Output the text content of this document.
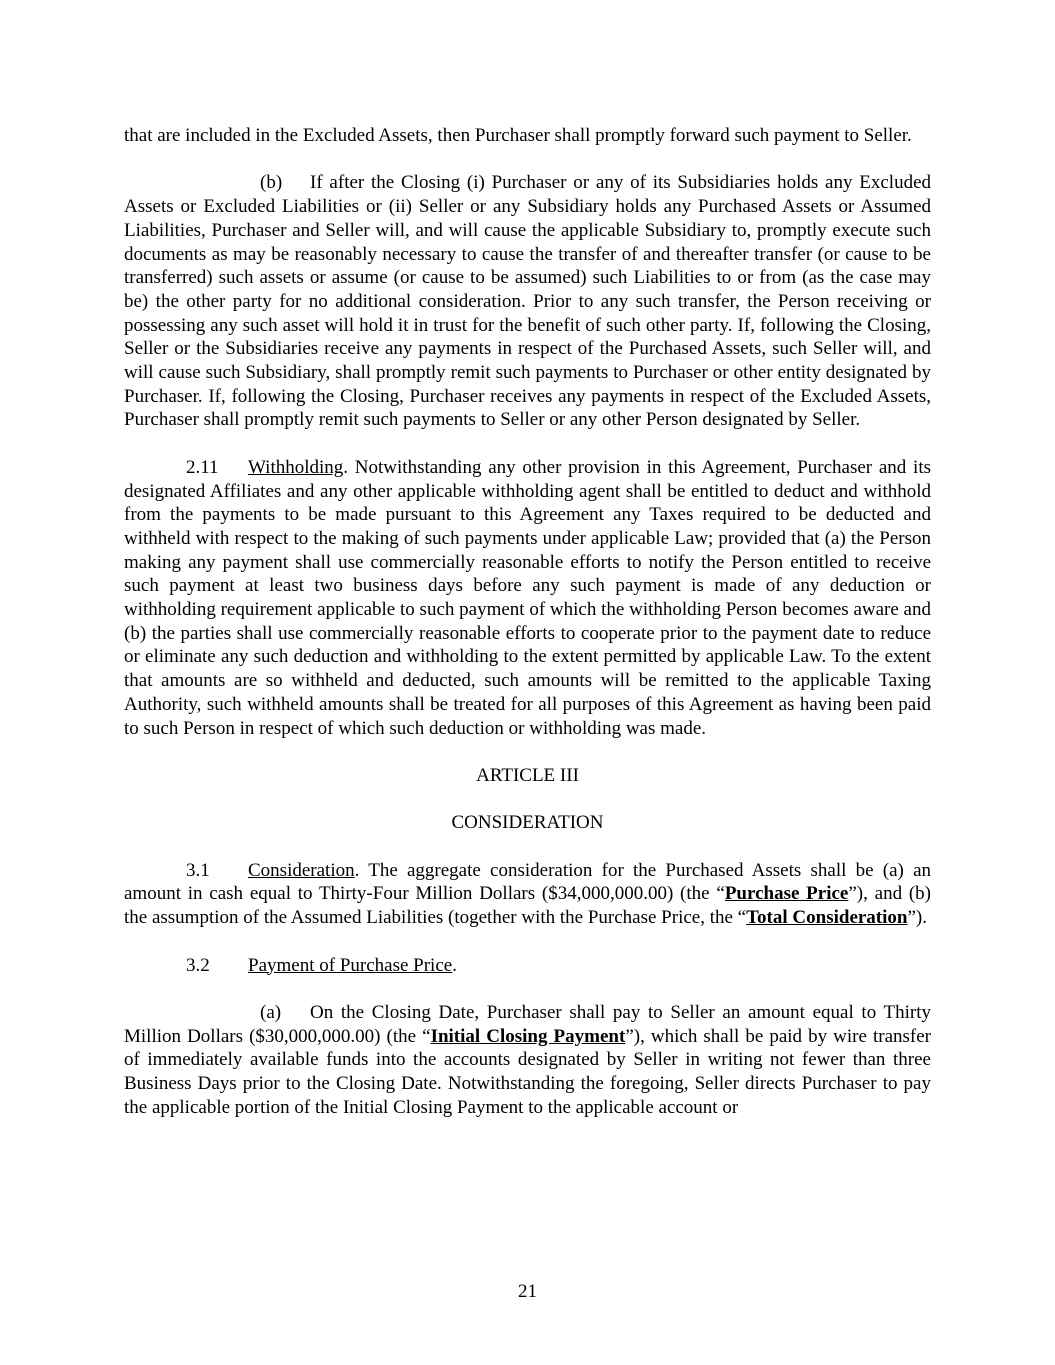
that are included in the Excluded Assets, then Purchaser shall promptly forward such payment to Seller.

(b) If after the Closing (i) Purchaser or any of its Subsidiaries holds any Excluded Assets or Excluded Liabilities or (ii) Seller or any Subsidiary holds any Purchased Assets or Assumed Liabilities, Purchaser and Seller will, and will cause the applicable Subsidiary to, promptly execute such documents as may be reasonably necessary to cause the transfer of and thereafter transfer (or cause to be transferred) such assets or assume (or cause to be assumed) such Liabilities to or from (as the case may be) the other party for no additional consideration. Prior to any such transfer, the Person receiving or possessing any such asset will hold it in trust for the benefit of such other party. If, following the Closing, Seller or the Subsidiaries receive any payments in respect of the Purchased Assets, such Seller will, and will cause such Subsidiary, shall promptly remit such payments to Purchaser or other entity designated by Purchaser. If, following the Closing, Purchaser receives any payments in respect of the Excluded Assets, Purchaser shall promptly remit such payments to Seller or any other Person designated by Seller.

2.11 Withholding. Notwithstanding any other provision in this Agreement, Purchaser and its designated Affiliates and any other applicable withholding agent shall be entitled to deduct and withhold from the payments to be made pursuant to this Agreement any Taxes required to be deducted and withheld with respect to the making of such payments under applicable Law; provided that (a) the Person making any payment shall use commercially reasonable efforts to notify the Person entitled to receive such payment at least two business days before any such payment is made of any deduction or withholding requirement applicable to such payment of which the withholding Person becomes aware and (b) the parties shall use commercially reasonable efforts to cooperate prior to the payment date to reduce or eliminate any such deduction and withholding to the extent permitted by applicable Law. To the extent that amounts are so withheld and deducted, such amounts will be remitted to the applicable Taxing Authority, such withheld amounts shall be treated for all purposes of this Agreement as having been paid to such Person in respect of which such deduction or withholding was made.

ARTICLE III

CONSIDERATION

3.1 Consideration. The aggregate consideration for the Purchased Assets shall be (a) an amount in cash equal to Thirty-Four Million Dollars ($34,000,000.00) (the “Purchase Price”), and (b) the assumption of the Assumed Liabilities (together with the Purchase Price, the “Total Consideration”).

3.2 Payment of Purchase Price.

(a) On the Closing Date, Purchaser shall pay to Seller an amount equal to Thirty Million Dollars ($30,000,000.00) (the “Initial Closing Payment”), which shall be paid by wire transfer of immediately available funds into the accounts designated by Seller in writing not fewer than three Business Days prior to the Closing Date. Notwithstanding the foregoing, Seller directs Purchaser to pay the applicable portion of the Initial Closing Payment to the applicable account or

21
